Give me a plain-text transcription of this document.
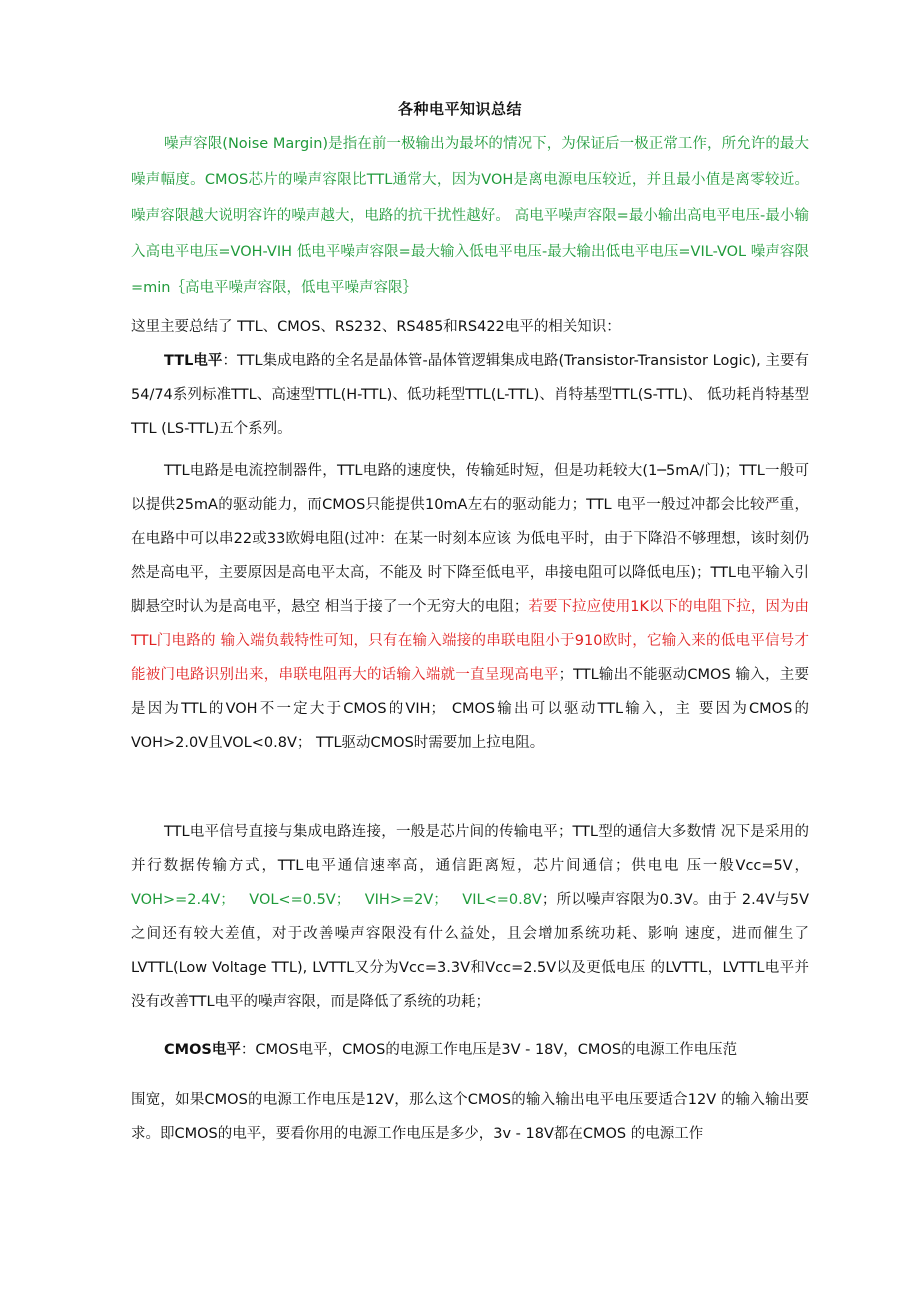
各种电平知识总结

噪声容限(Noise Margin)是指在前一极输出为最坏的情况下，为保证后一极正常工作，所允许的最大噪声幅度。CMOS芯片的噪声容限比TTL通常大，因为VOH是离电源电压较近，并且最小值是离零较近。噪声容限越大说明容许的噪声越大，电路的抗干扰性越好。 高电平噪声容限=最小输出高电平电压-最小输入高电平电压=VOH-VIH 低电平噪声容限=最大输入低电平电压-最大输出低电平电压=VIL-VOL 噪声容限=min｛高电平噪声容限，低电平噪声容限｝

这里主要总结了 TTL、CMOS、RS232、RS485和RS422电平的相关知识：

TTL电平：TTL集成电路的全名是晶体管-晶体管逻辑集成电路(Transistor-Transistor Logic), 主要有54/74系列标准TTL、高速型TTL(H-TTL)、低功耗型TTL(L-TTL)、肖特基型TTL(S-TTL)、 低功耗肖特基型TTL (LS-TTL)五个系列。

TTL电路是电流控制器件，TTL电路的速度快，传输延时短，但是功耗较大(1─5mA/门)；TTL一般可以提供25mA的驱动能力，而CMOS只能提供10mA左右的驱动能力；TTL 电平一般过冲都会比较严重，在电路中可以串22或33欧姆电阻(过冲：在某一时刻本应该 为低电平时，由于下降沿不够理想，该时刻仍然是高电平，主要原因是高电平太高，不能及 时下降至低电平，串接电阻可以降低电压)；TTL电平输入引脚悬空时认为是高电平，悬空 相当于接了一个无穷大的电阻；若要下拉应使用1K以下的电阻下拉，因为由TTL门电路的 输入端负载特性可知，只有在输入端接的串联电阻小于910欧时，它输入来的低电平信号才 能被门电路识别出来，串联电阻再大的话输入端就一直呈现高电平；TTL输出不能驱动CMOS 输入，主要是因为TTL的VOH不一定大于CMOS的VIH； CMOS输出可以驱动TTL输入，主 要因为CMOS的VOH>2.0V且VOL<0.8V； TTL驱动CMOS时需要加上拉电阻。

TTL电平信号直接与集成电路连接，一般是芯片间的传输电平；TTL型的通信大多数情 况下是采用的并行数据传输方式，TTL电平通信速率高，通信距离短，芯片间通信；供电电 压一般Vcc=5V，VOH>=2.4V； VOL<=0.5V； VIH>=2V； VIL<=0.8V；所以噪声容限为0.3V。由于 2.4V与5V之间还有较大差值，对于改善噪声容限没有什么益处，且会增加系统功耗、影响 速度，进而催生了 LVTTL(Low Voltage TTL), LVTTL又分为Vcc=3.3V和Vcc=2.5V以及更低电压 的LVTTL，LVTTL电平并没有改善TTL电平的噪声容限，而是降低了系统的功耗；

CMOS电平：CMOS电平，CMOS的电源工作电压是3V - 18V，CMOS的电源工作电压范

围宽，如果CMOS的电源工作电压是12V，那么这个CMOS的输入输出电平电压要适合12V 的输入输出要求。即CMOS的电平，要看你用的电源工作电压是多少，3v - 18V都在CMOS 的电源工作
